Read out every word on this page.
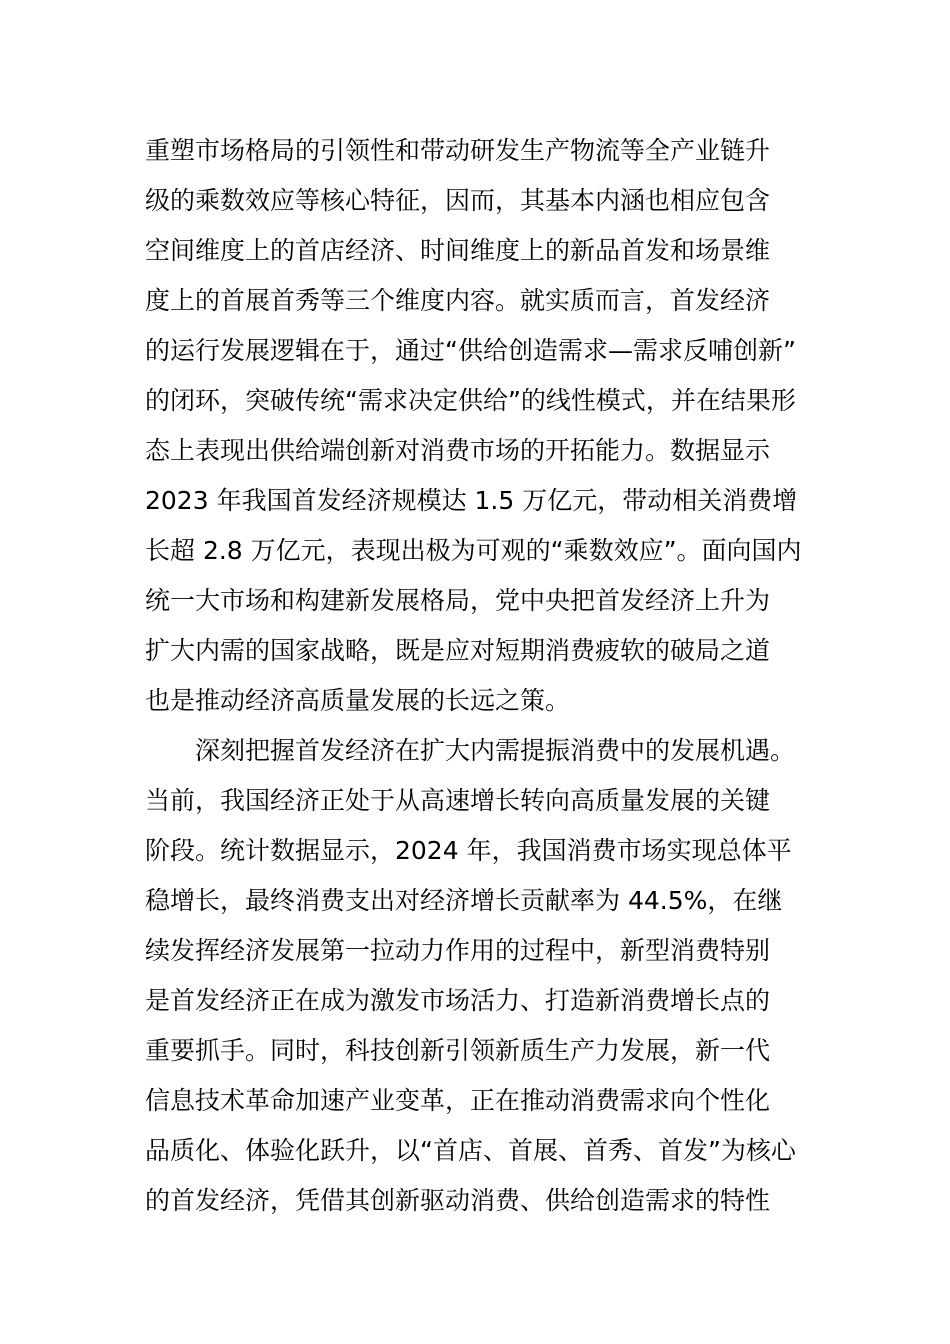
重塑市场格局的引领性和带动研发生产物流等全产业链升
级的乘数效应等核心特征，因而，其基本内涵也相应包含
空间维度上的首店经济、时间维度上的新品首发和场景维
度上的首展首秀等三个维度内容。就实质而言，首发经济
的运行发展逻辑在于，通过“供给创造需求—需求反哺创新”
的闭环，突破传统“需求决定供给”的线性模式，并在结果形
态上表现出供给端创新对消费市场的开拓能力。数据显示
2023 年我国首发经济规模达 1.5 万亿元，带动相关消费增
长超 2.8 万亿元，表现出极为可观的“乘数效应”。面向国内
统一大市场和构建新发展格局，党中央把首发经济上升为
扩大内需的国家战略，既是应对短期消费疲软的破局之道
也是推动经济高质量发展的长远之策。
深刻把握首发经济在扩大内需提振消费中的发展机遇。
当前，我国经济正处于从高速增长转向高质量发展的关键
阶段。统计数据显示，2024 年，我国消费市场实现总体平
稳增长，最终消费支出对经济增长贡献率为 44.5%，在继
续发挥经济发展第一拉动力作用的过程中，新型消费特别
是首发经济正在成为激发市场活力、打造新消费增长点的
重要抓手。同时，科技创新引领新质生产力发展，新一代
信息技术革命加速产业变革，正在推动消费需求向个性化
品质化、体验化跃升，以“首店、首展、首秀、首发”为核心
的首发经济，凭借其创新驱动消费、供给创造需求的特性
